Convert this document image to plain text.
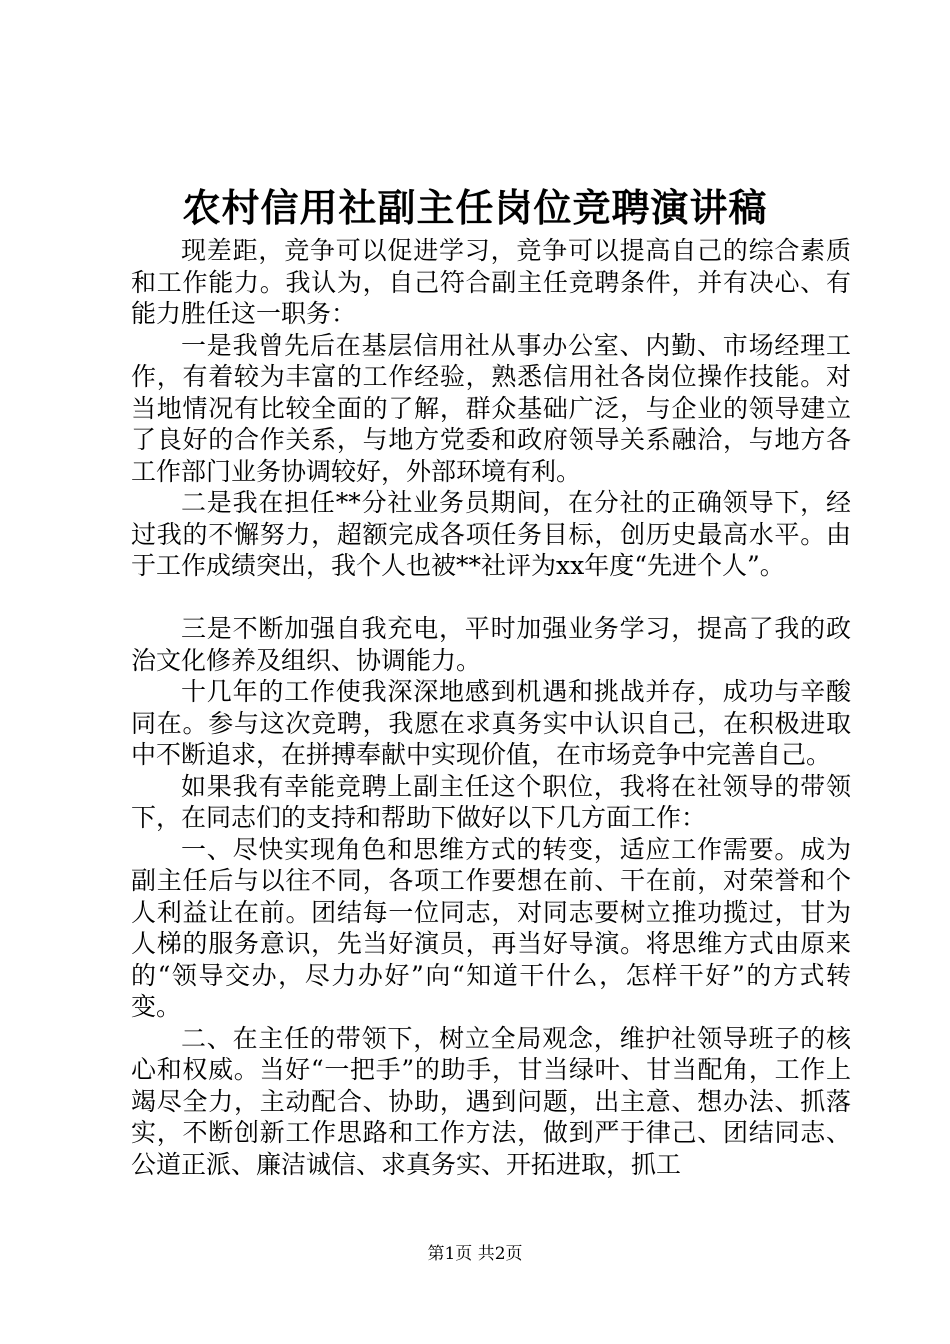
农村信用社副主任岗位竞聘演讲稿

现差距，竞争可以促进学习，竞争可以提高自己的综合素质和工作能力。我认为，自己符合副主任竞聘条件，并有决心、有能力胜任这一职务：

一是我曾先后在基层信用社从事办公室、内勤、市场经理工作，有着较为丰富的工作经验，熟悉信用社各岗位操作技能。对当地情况有比较全面的了解，群众基础广泛，与企业的领导建立了良好的合作关系，与地方党委和政府领导关系融洽，与地方各工作部门业务协调较好，外部环境有利。

二是我在担任**分社业务员期间，在分社的正确领导下，经过我的不懈努力，超额完成各项任务目标，创历史最高水平。由于工作成绩突出，我个人也被**社评为xx年度“先进个人”。

三是不断加强自我充电，平时加强业务学习，提高了我的政治文化修养及组织、协调能力。

十几年的工作使我深深地感到机遇和挑战并存，成功与辛酸同在。参与这次竞聘，我愿在求真务实中认识自己，在积极进取中不断追求，在拼搏奉献中实现价值，在市场竞争中完善自己。

如果我有幸能竞聘上副主任这个职位，我将在社领导的带领下，在同志们的支持和帮助下做好以下几方面工作：

一、尽快实现角色和思维方式的转变，适应工作需要。成为副主任后与以往不同，各项工作要想在前、干在前，对荣誉和个人利益让在前。团结每一位同志，对同志要树立推功揽过，甘为人梯的服务意识，先当好演员，再当好导演。将思维方式由原来的“领导交办，尽力办好”向“知道干什么，怎样干好”的方式转变。

二、在主任的带领下，树立全局观念，维护社领导班子的核心和权威。当好“一把手”的助手，甘当绿叶、甘当配角，工作上竭尽全力，主动配合、协助，遇到问题，出主意、想办法、抓落实，不断创新工作思路和工作方法，做到严于律己、团结同志、公道正派、廉洁诚信、求真务实、开拓进取，抓工

第1页 共2页
